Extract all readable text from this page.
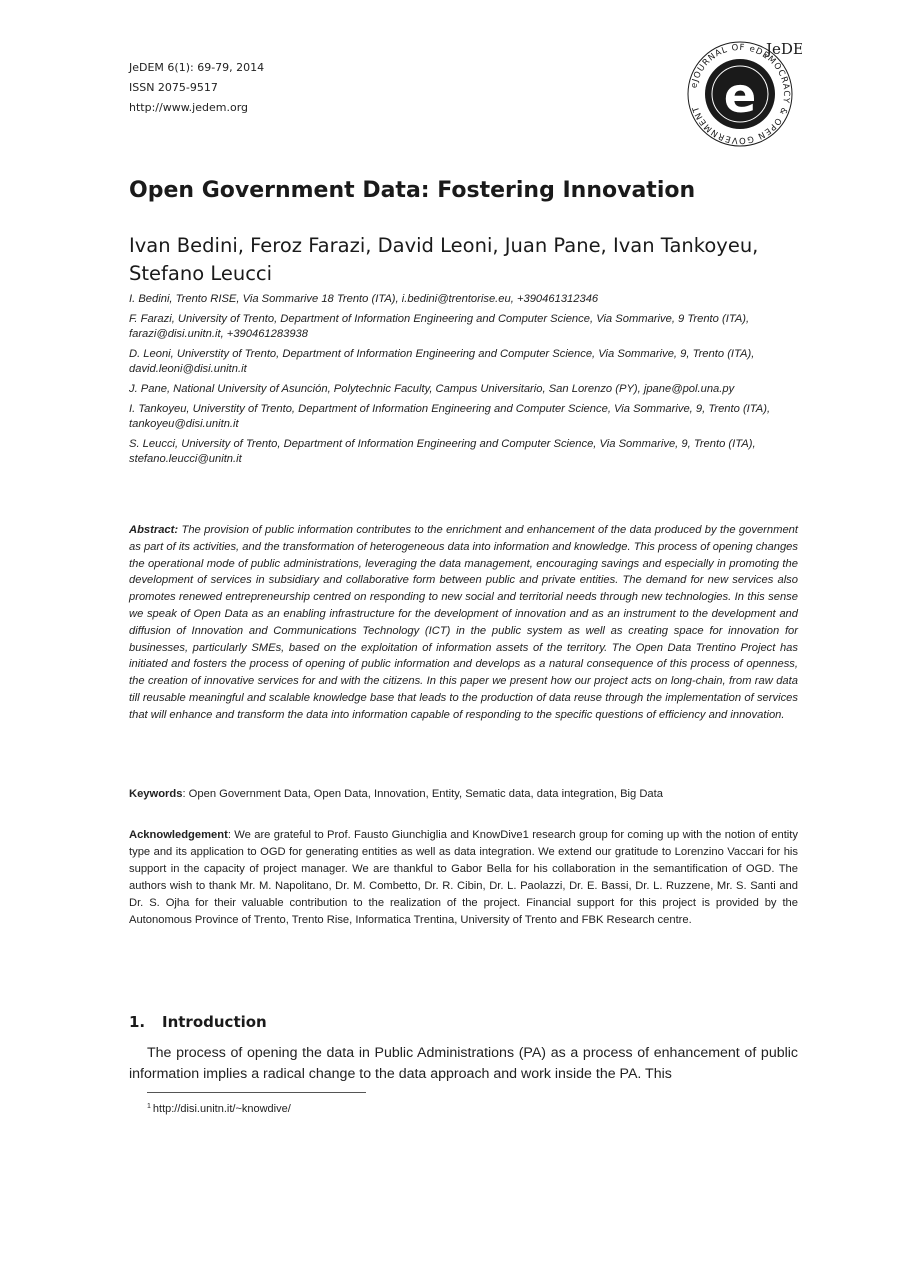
JeDEM 6(1): 69-79, 2014
ISSN 2075-9517
http://www.jedem.org	e
eJOURNAL OF eDEMOCRACY & OPEN GOVERNMENT
JeDE
Open Government Data: Fostering Innovation
Ivan Bedini, Feroz Farazi, David Leoni, Juan Pane, Ivan Tankoyeu, Stefano Leucci

I. Bedini, Trento RISE, Via Sommarive 18 Trento (ITA), i.bedini@trentorise.eu, +390461312346

F. Farazi, University of Trento, Department of Information Engineering and Computer Science, Via Sommarive, 9 Trento (ITA), farazi@disi.unitn.it, +390461283938

D. Leoni, Universtity of Trento, Department of Information Engineering and Computer Science, Via Sommarive, 9, Trento (ITA), david.leoni@disi.unitn.it

J. Pane, National University of Asunción, Polytechnic Faculty, Campus Universitario, San Lorenzo (PY), jpane@pol.una.py

I. Tankoyeu, Universtity of Trento, Department of Information Engineering and Computer Science, Via Sommarive, 9, Trento (ITA), tankoyeu@disi.unitn.it

S. Leucci, University of Trento, Department of Information Engineering and Computer Science, Via Sommarive, 9, Trento (ITA), stefano.leucci@unitn.it

Abstract: The provision of public information contributes to the enrichment and enhancement of the data produced by the government as part of its activities, and the transformation of heterogeneous data into information and knowledge. This process of opening changes the operational mode of public administrations, leveraging the data management, encouraging savings and especially in promoting the development of services in subsidiary and collaborative form between public and private entities. The demand for new services also promotes renewed entrepreneurship centred on responding to new social and territorial needs through new technologies. In this sense we speak of Open Data as an enabling infrastructure for the development of innovation and as an instrument to the development and diffusion of Innovation and Communications Technology (ICT) in the public system as well as creating space for innovation for businesses, particularly SMEs, based on the exploitation of information assets of the territory. The Open Data Trentino Project has initiated and fosters the process of opening of public information and develops as a natural consequence of this process of openness, the creation of innovative services for and with the citizens. In this paper we present how our project acts on long-chain, from raw data till reusable meaningful and scalable knowledge base that leads to the production of data reuse through the implementation of services that will enhance and transform the data into information capable of responding to the specific questions of efficiency and innovation.

Keywords: Open Government Data, Open Data, Innovation, Entity, Sematic data, data integration, Big Data

Acknowledgement: We are grateful to Prof. Fausto Giunchiglia and KnowDive1 research group for coming up with the notion of entity type and its application to OGD for generating entities as well as data integration. We extend our gratitude to Lorenzino Vaccari for his support in the capacity of project manager. We are thankful to Gabor Bella for his collaboration in the semantification of OGD. The authors wish to thank Mr. M. Napolitano, Dr. M. Combetto, Dr. R. Cibin, Dr. L. Paolazzi, Dr. E. Bassi, Dr. L. Ruzzene, Mr. S. Santi and Dr. S. Ojha for their valuable contribution to the realization of the project. Financial support for this project is provided by the Autonomous Province of Trento, Trento Rise, Informatica Trentina, University of Trento and FBK Research centre.

1. Introduction

The process of opening the data in Public Administrations (PA) as a process of enhancement of public information implies a radical change to the data approach and work inside the PA. This

$^1$ http://disi.unitn.it/~knowdive/
